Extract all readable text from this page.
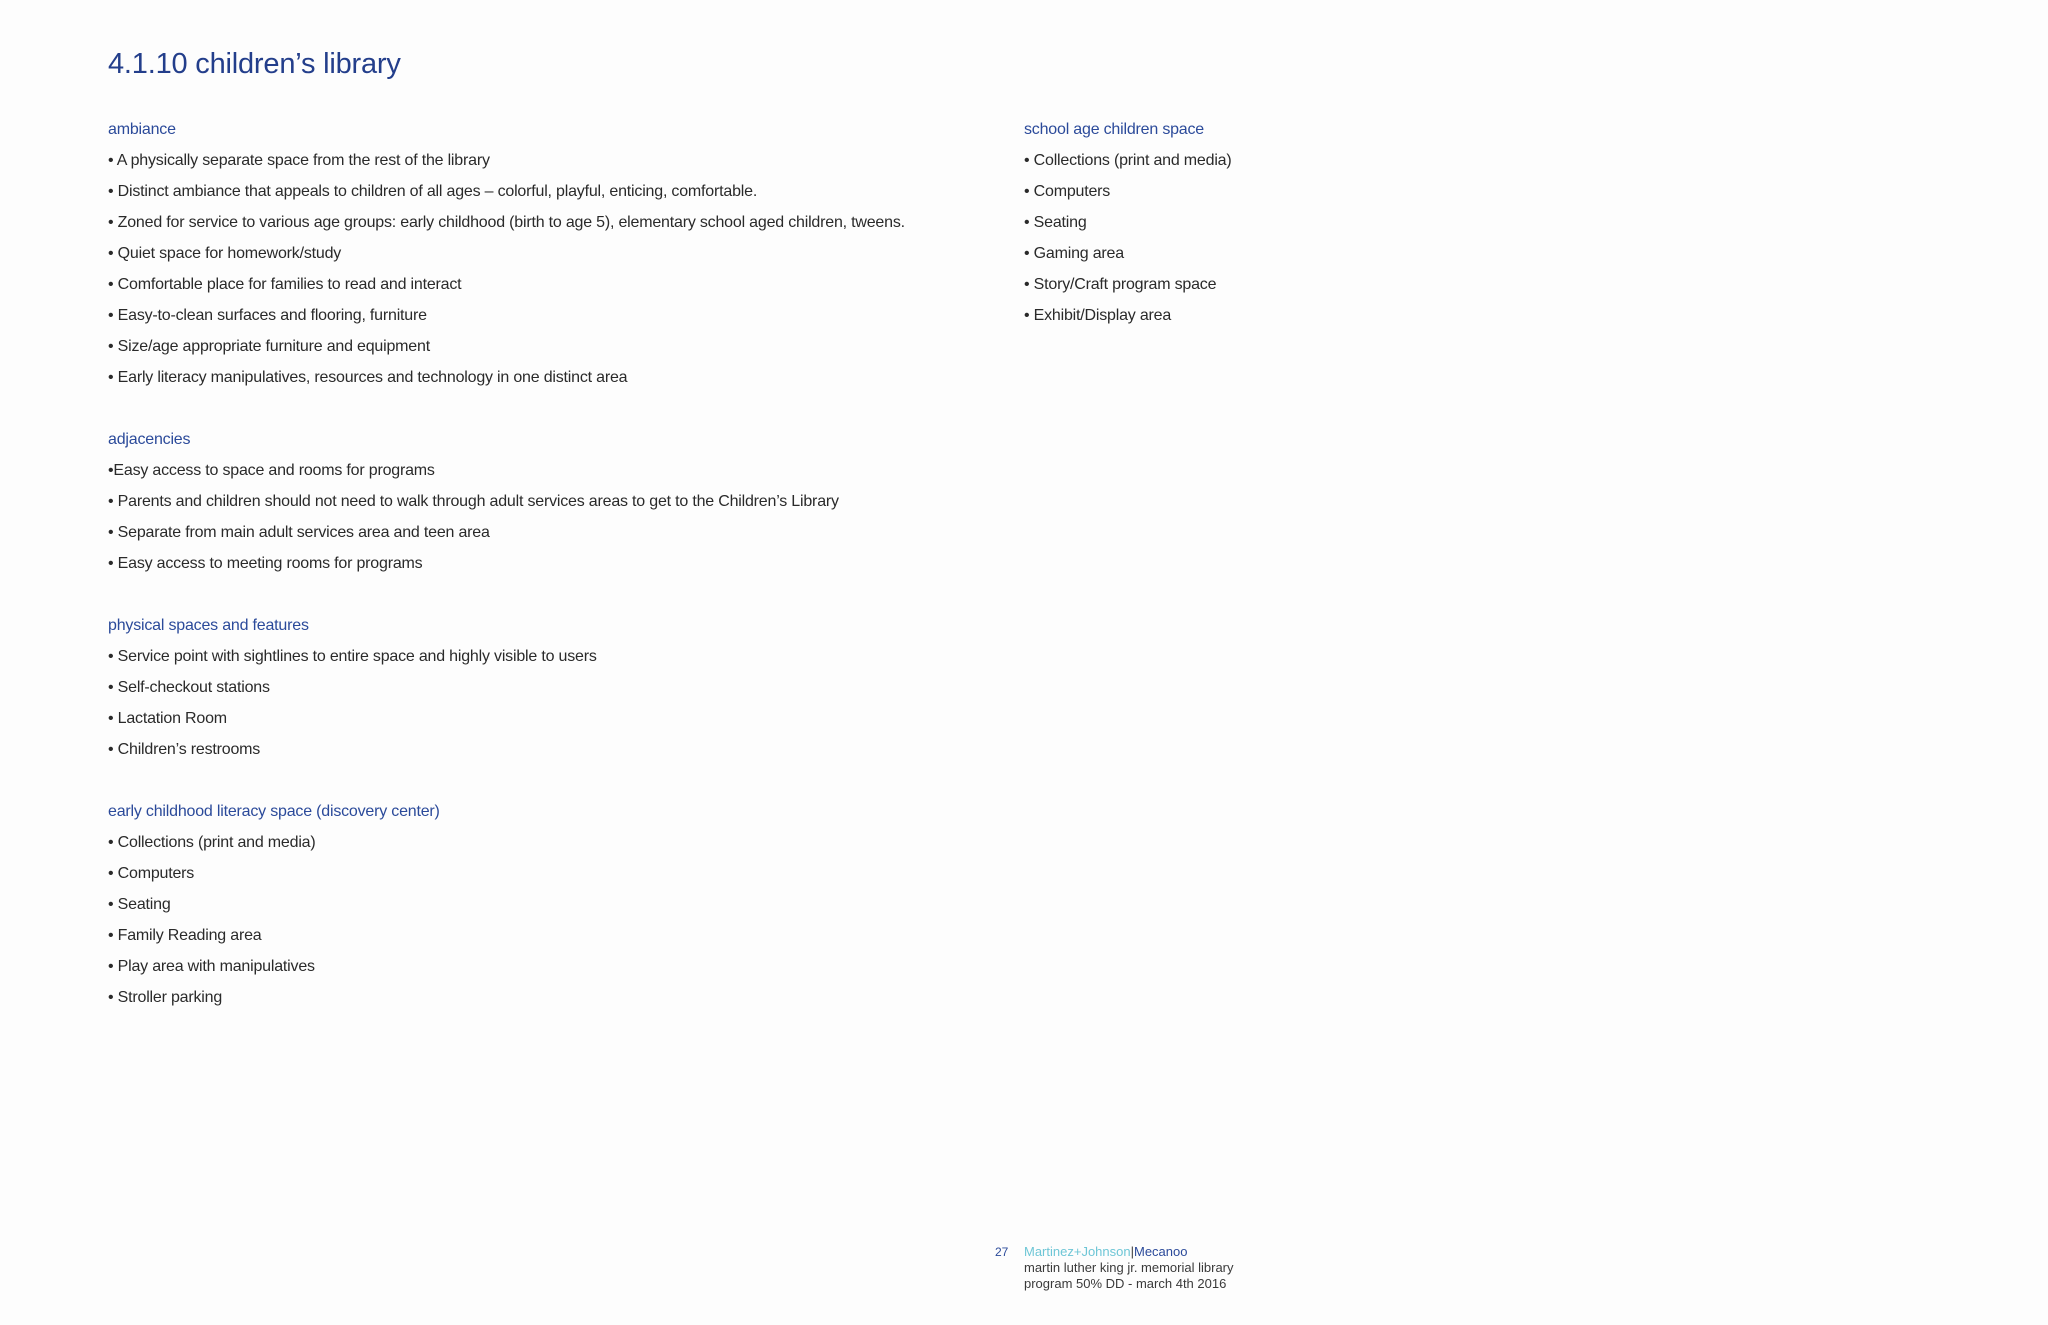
4.1.10 children’s library
ambiance
• A physically separate space from the rest of the library
• Distinct ambiance that appeals to children of all ages – colorful, playful, enticing, comfortable.
• Zoned for service to various age groups: early childhood (birth to age 5), elementary school aged children, tweens.
• Quiet space for homework/study
• Comfortable place for families to read and interact
• Easy-to-clean surfaces and flooring, furniture
• Size/age appropriate furniture and equipment
• Early literacy manipulatives, resources and technology in one distinct area
adjacencies
•Easy access to space and rooms for programs
• Parents and children should not need to walk through adult services areas to get to the Children’s Library
• Separate from main adult services area and teen area
• Easy access to meeting rooms for programs
physical spaces and features
• Service point with sightlines to entire space and highly visible to users
• Self-checkout stations
• Lactation Room
• Children’s restrooms
early childhood literacy space (discovery center)
• Collections (print and media)
• Computers
• Seating
• Family Reading area
• Play area with manipulatives
• Stroller parking
school age children space
• Collections (print and media)
• Computers
• Seating
• Gaming area
• Story/Craft program space
• Exhibit/Display area
27 Martinez+Johnson|Mecanoo
martin luther king jr. memorial library
program 50% DD - march 4th 2016
